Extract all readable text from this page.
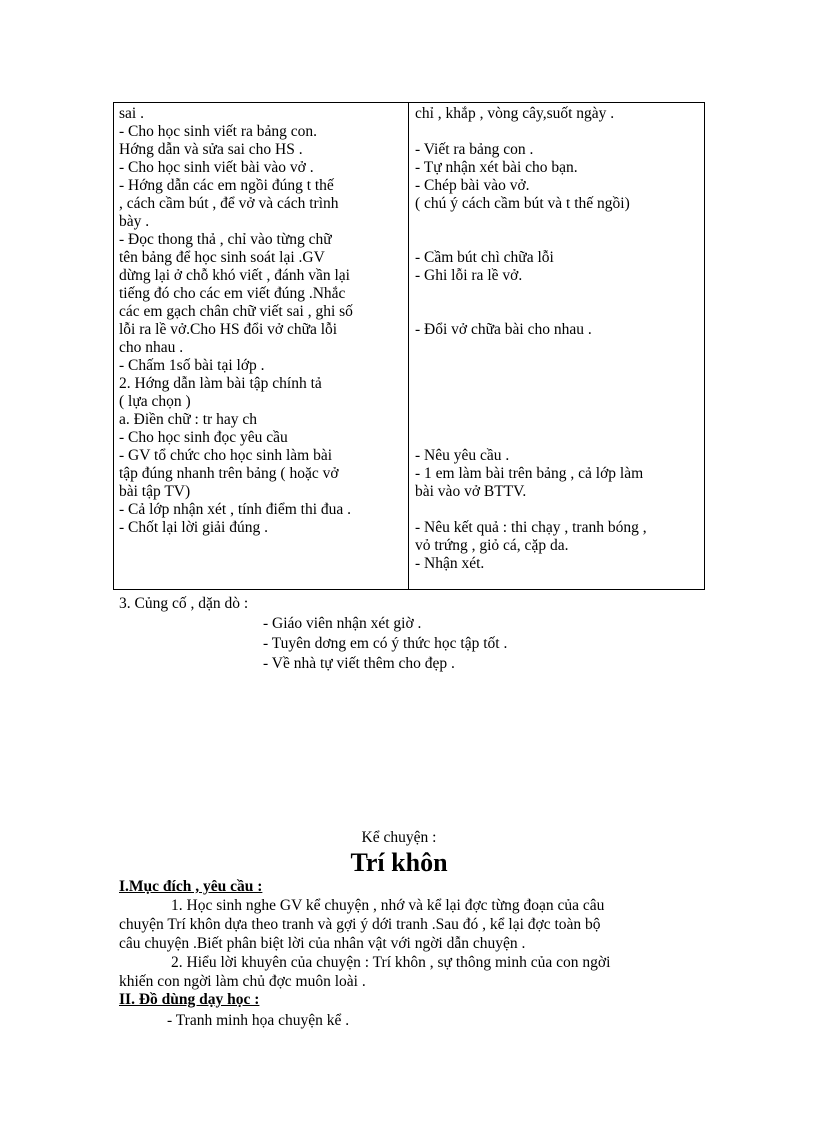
sai .
- Cho học sinh viết ra bảng con.
Hớng dẫn và sửa sai cho HS .
- Cho học sinh viết bài vào vở .
- Hớng dẫn các em ngồi đúng t thế
, cách cầm bút , để vở và cách trình
bày .
- Đọc thong thả , chỉ vào từng chữ
tên bảng để học sinh soát lại .GV
dừng lại ở chỗ khó viết , đánh vần lại
tiếng đó cho các em viết đúng .Nhắc
các em gạch chân chữ viết sai , ghi số
lỗi ra lề vở.Cho HS đổi vở chữa lỗi
cho nhau .
- Chấm 1số bài tại lớp .
2. Hớng dẫn làm bài tập chính tả
( lựa chọn )
a. Điền chữ : tr hay ch
- Cho học sinh đọc yêu cầu
- GV tổ chức cho học sinh làm bài
tập đúng nhanh trên bảng ( hoặc vở
bài tập TV)
- Cả lớp nhận xét , tính điểm thi đua .
- Chốt lại lời giải đúng .
chỉ , khắp , vòng cây,suốt ngày .
- Viết ra bảng con .
- Tự nhận xét bài cho bạn.
- Chép bài vào vở.
( chú ý cách cầm bút và t thế ngồi)
- Cầm bút chì chữa lỗi
- Ghi lỗi ra lề vở.
- Đổi vở chữa bài cho nhau .
- Nêu yêu cầu .
- 1 em làm bài trên bảng , cả lớp làm
bài vào vở BTTV.
- Nêu kết quả : thi chạy , tranh bóng ,
vỏ trứng , giỏ cá, cặp da.
- Nhận xét.
3. Củng cố , dặn dò :
- Giáo viên nhận xét giờ .
- Tuyên dơng em có ý thức học tập tốt .
- Về nhà tự viết thêm cho đẹp .
Kể chuyện :
Trí khôn
I.Mục đích , yêu cầu :
1. Học sinh nghe GV kể chuyện , nhớ và kể lại đợc từng đoạn của câu
chuyện Trí khôn dựa theo tranh và gợi ý dới tranh .Sau đó , kể lại đợc toàn bộ
câu chuyện .Biết phân biệt lời của nhân vật với ngời dẫn chuyện .
2. Hiểu lời khuyên của chuyện : Trí khôn , sự thông minh của con ngời
khiến con ngời làm chủ đợc muôn loài .
II. Đồ dùng dạy học :
- Tranh minh họa chuyện kể .
